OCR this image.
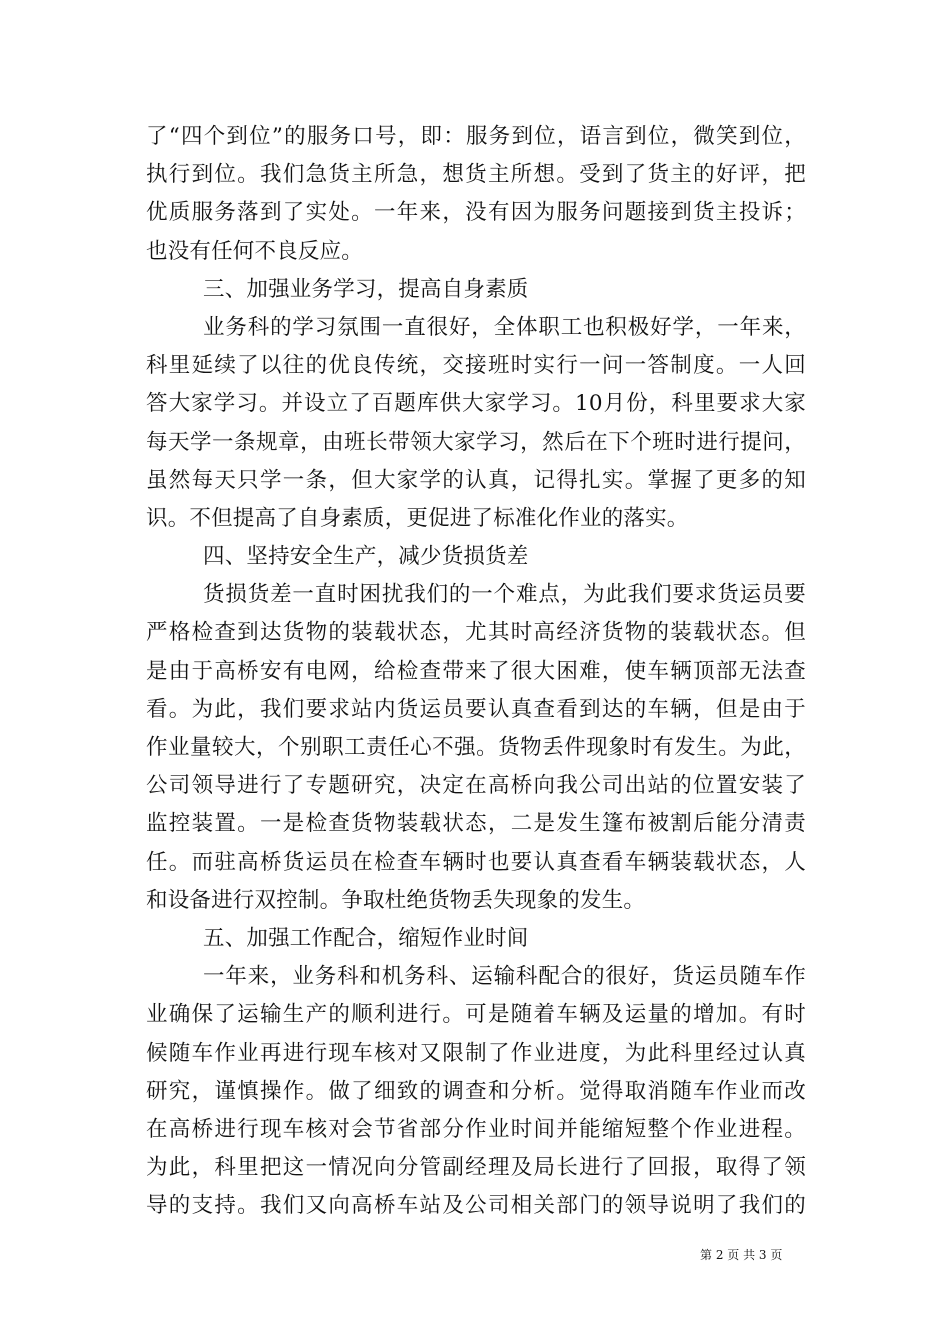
了“四个到位”的服务口号，即：服务到位，语言到位，微笑到位，
执行到位。我们急货主所急，想货主所想。受到了货主的好评，把
优质服务落到了实处。一年来，没有因为服务问题接到货主投诉；
也没有任何不良反应。
三、加强业务学习，提高自身素质
业务科的学习氛围一直很好，全体职工也积极好学，一年来，
科里延续了以往的优良传统，交接班时实行一问一答制度。一人回
答大家学习。并设立了百题库供大家学习。10月份，科里要求大家
每天学一条规章，由班长带领大家学习，然后在下个班时进行提问，
虽然每天只学一条，但大家学的认真，记得扎实。掌握了更多的知
识。不但提高了自身素质，更促进了标准化作业的落实。
四、坚持安全生产，减少货损货差
货损货差一直时困扰我们的一个难点，为此我们要求货运员要
严格检查到达货物的装载状态，尤其时高经济货物的装载状态。但
是由于高桥安有电网，给检查带来了很大困难，使车辆顶部无法查
看。为此，我们要求站内货运员要认真查看到达的车辆，但是由于
作业量较大，个别职工责任心不强。货物丢件现象时有发生。为此，
公司领导进行了专题研究，决定在高桥向我公司出站的位置安装了
监控装置。一是检查货物装载状态，二是发生篷布被割后能分清责
任。而驻高桥货运员在检查车辆时也要认真查看车辆装载状态，人
和设备进行双控制。争取杜绝货物丢失现象的发生。
五、加强工作配合，缩短作业时间
一年来，业务科和机务科、运输科配合的很好，货运员随车作
业确保了运输生产的顺利进行。可是随着车辆及运量的增加。有时
候随车作业再进行现车核对又限制了作业进度，为此科里经过认真
研究，谨慎操作。做了细致的调查和分析。觉得取消随车作业而改
在高桥进行现车核对会节省部分作业时间并能缩短整个作业进程。
为此，科里把这一情况向分管副经理及局长进行了回报，取得了领
导的支持。我们又向高桥车站及公司相关部门的领导说明了我们的
第 2 页 共 3 页
